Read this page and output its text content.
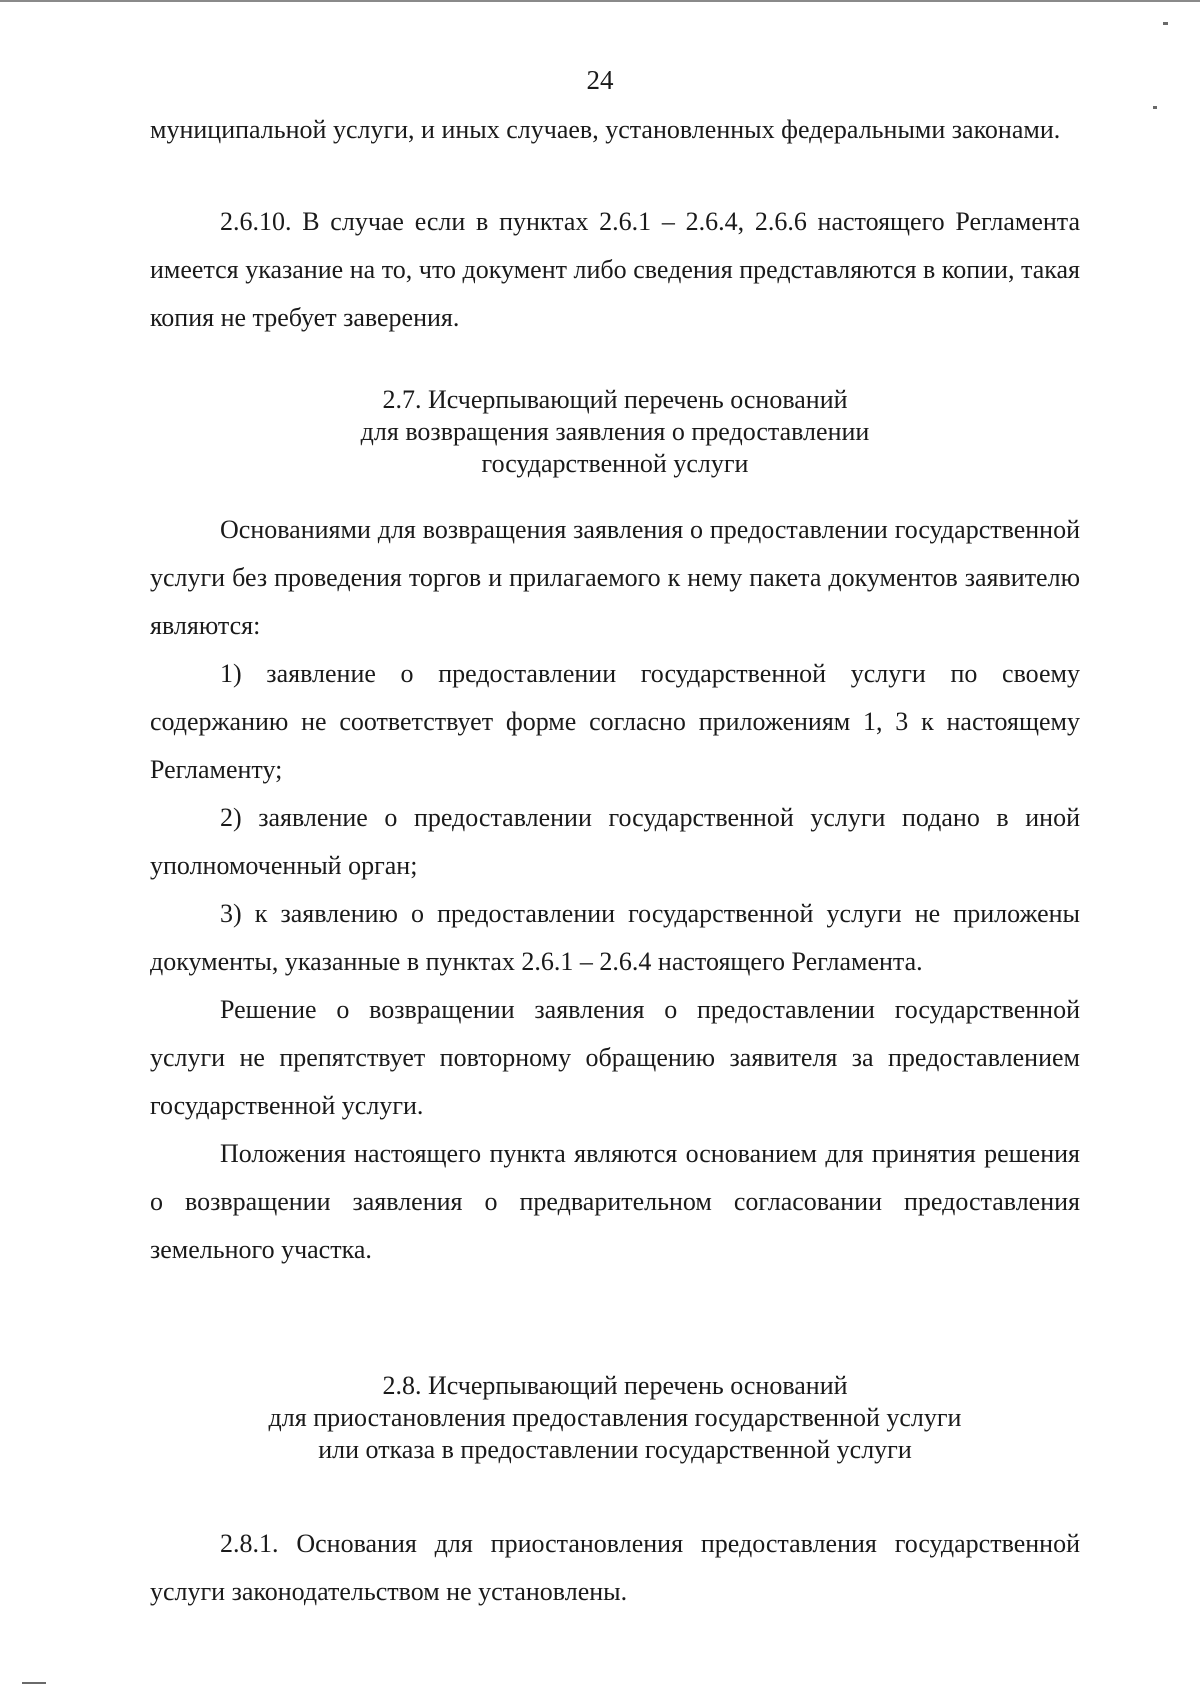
24

муниципальной услуги, и иных случаев, установленных федеральными законами.

2.6.10. В случае если в пунктах 2.6.1 – 2.6.4, 2.6.6 настоящего Регламента имеется указание на то, что документ либо сведения представляются в копии, такая копия не требует заверения.

2.7. Исчерпывающий перечень оснований
для возвращения заявления о предоставлении
государственной услуги

Основаниями для возвращения заявления о предоставлении государственной услуги без проведения торгов и прилагаемого к нему пакета документов заявителю являются:

1) заявление о предоставлении государственной услуги по своему содержанию не соответствует форме согласно приложениям 1, 3 к настоящему Регламенту;

2) заявление о предоставлении государственной услуги подано в иной уполномоченный орган;

3) к заявлению о предоставлении государственной услуги не приложены документы, указанные в пунктах 2.6.1 – 2.6.4 настоящего Регламента.

Решение о возвращении заявления о предоставлении государственной услуги не препятствует повторному обращению заявителя за предоставлением государственной услуги.

Положения настоящего пункта являются основанием для принятия решения о возвращении заявления о предварительном согласовании предоставления земельного участка.

2.8. Исчерпывающий перечень оснований
для приостановления предоставления государственной услуги
или отказа в предоставлении государственной услуги

2.8.1. Основания для приостановления предоставления государственной услуги законодательством не установлены.
